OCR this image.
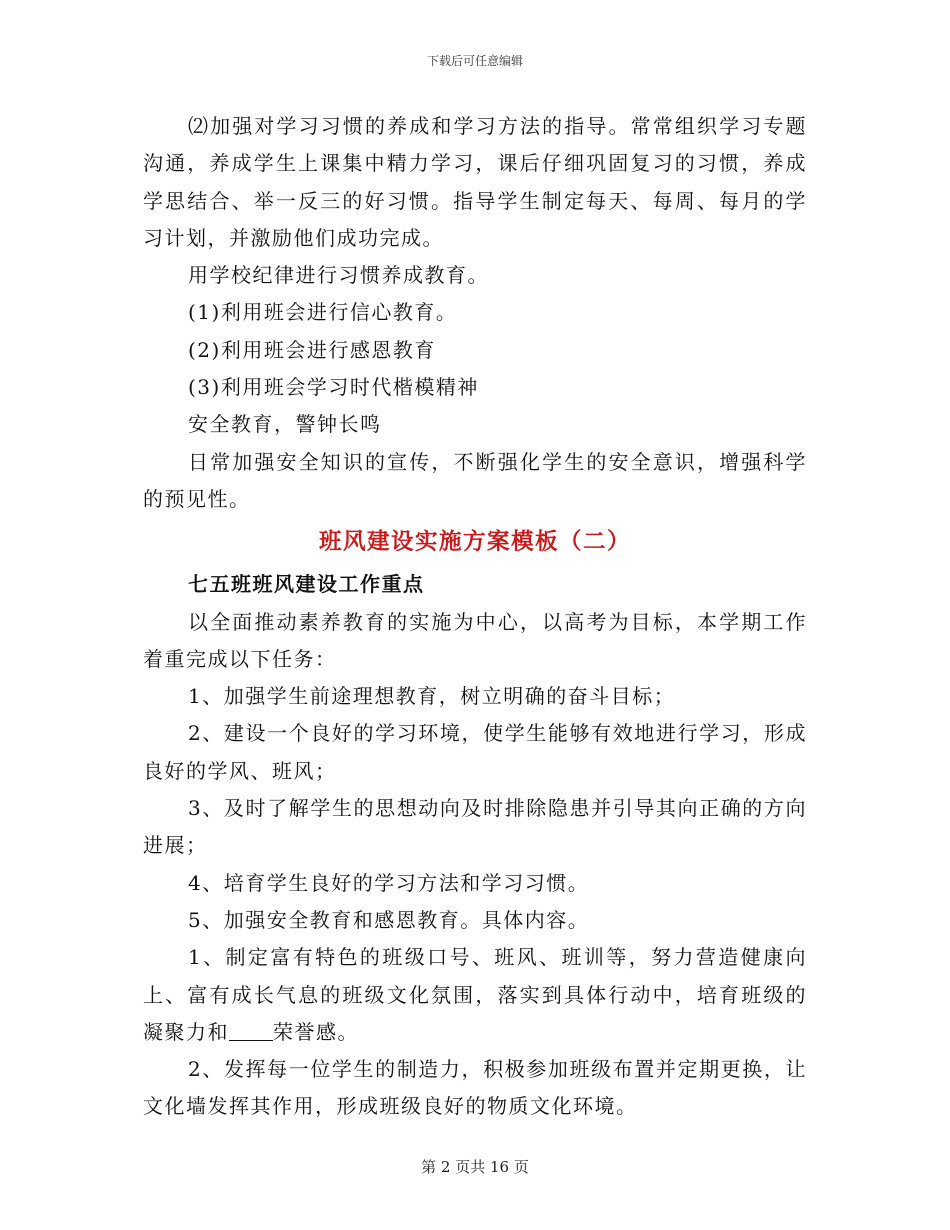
下载后可任意编辑

⑵加强对学习习惯的养成和学习方法的指导。常常组织学习专题沟通，养成学生上课集中精力学习，课后仔细巩固复习的习惯，养成学思结合、举一反三的好习惯。指导学生制定每天、每周、每月的学习计划，并激励他们成功完成。

用学校纪律进行习惯养成教育。

(1)利用班会进行信心教育。

(2)利用班会进行感恩教育

(3)利用班会学习时代楷模精神

安全教育，警钟长鸣

日常加强安全知识的宣传，不断强化学生的安全意识，增强科学的预见性。

班风建设实施方案模板（二）

七五班班风建设工作重点

以全面推动素养教育的实施为中心，以高考为目标，本学期工作着重完成以下任务：

1、加强学生前途理想教育，树立明确的奋斗目标；

2、建设一个良好的学习环境，使学生能够有效地进行学习，形成良好的学风、班风；

3、及时了解学生的思想动向及时排除隐患并引导其向正确的方向进展；

4、培育学生良好的学习方法和学习习惯。

5、加强安全教育和感恩教育。具体内容。

1、制定富有特色的班级口号、班风、班训等，努力营造健康向上、富有成长气息的班级文化氛围，落实到具体行动中，培育班级的凝聚力和 荣誉感。

2、发挥每一位学生的制造力，积极参加班级布置并定期更换，让文化墙发挥其作用，形成班级良好的物质文化环境。

第 2 页共 16 页
